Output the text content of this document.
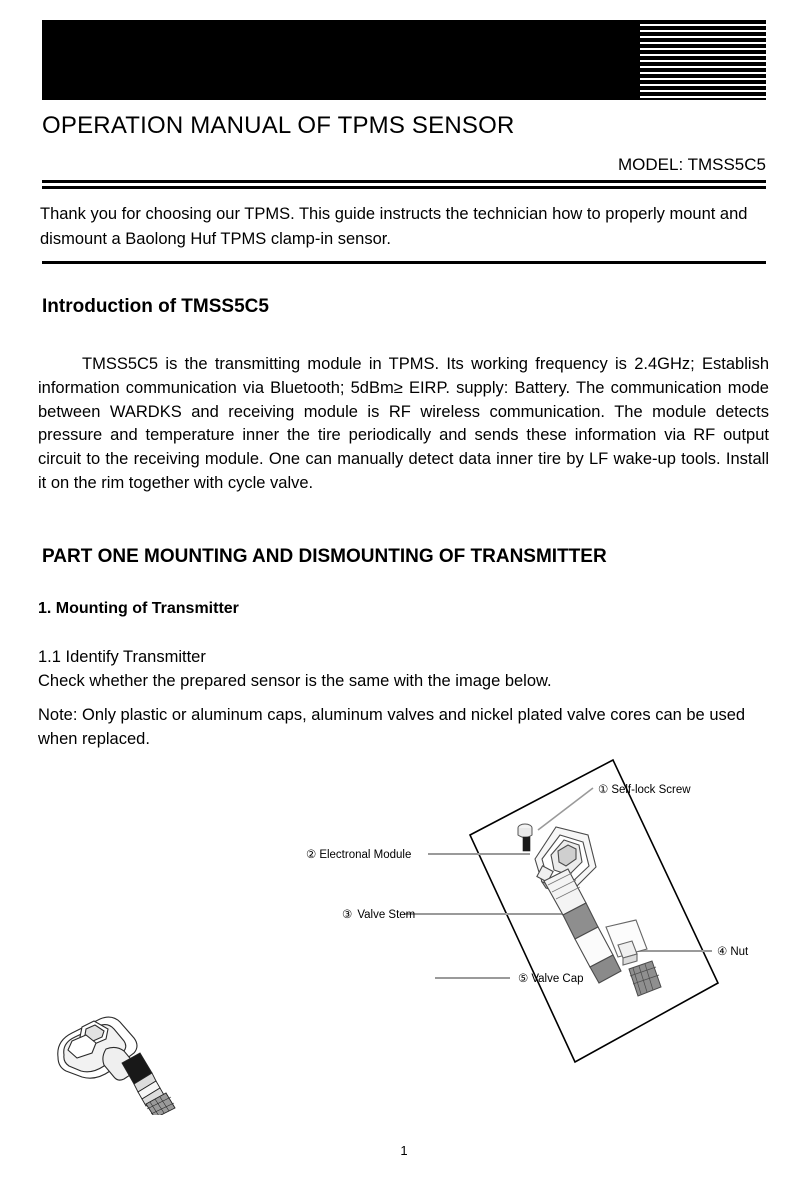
OPERATION MANUAL OF TPMS SENSOR
MODEL: TMSS5C5
Thank you for choosing our TPMS. This guide instructs the technician how to properly mount and dismount a Baolong Huf TPMS clamp-in sensor.
Introduction of TMSS5C5
TMSS5C5 is the transmitting module in TPMS. Its working frequency is 2.4GHz; Establish information communication via Bluetooth; 5dBm≥ EIRP. supply: Battery. The communication mode between WARDKS and receiving module is RF wireless communication. The module detects pressure and temperature inner the tire periodically and sends these information via RF output circuit to the receiving module. One can manually detect data inner tire by LF wake-up tools. Install it on the rim together with cycle valve.
PART ONE MOUNTING AND DISMOUNTING OF TRANSMITTER
1. Mounting of Transmitter
1.1 Identify Transmitter
Check whether the prepared sensor is the same with the image below.
Note: Only plastic or aluminum caps, aluminum valves and nickel plated valve cores can be used when replaced.
① Self-lock Screw
② Electronal Module
③ Valve Stem
④ Nut
⑤ Valve Cap
1
